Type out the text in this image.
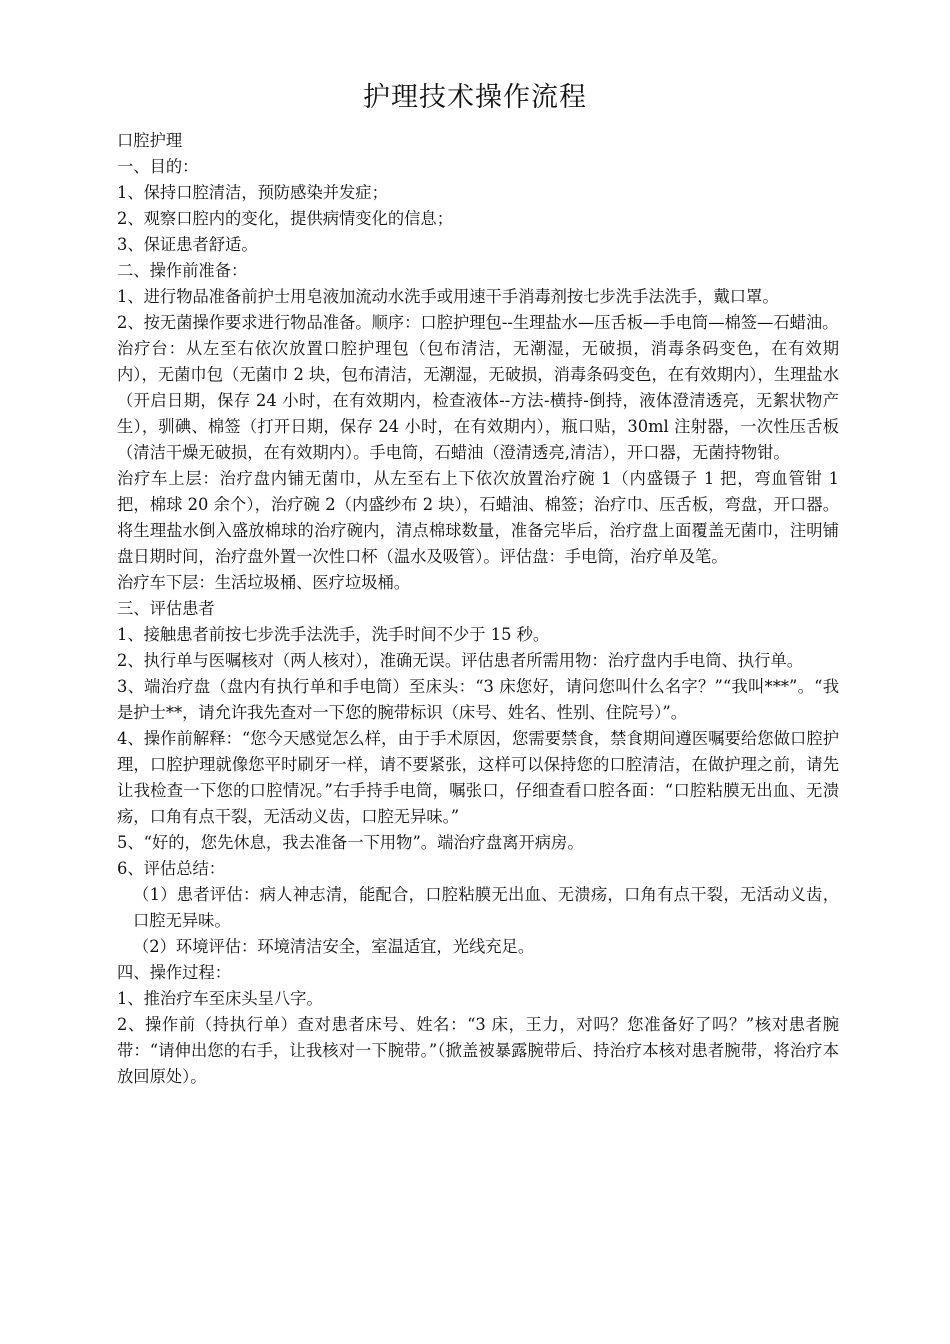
护理技术操作流程

口腔护理

一、目的：

1、保持口腔清洁，预防感染并发症；

2、观察口腔内的变化，提供病情变化的信息；

3、保证患者舒适。

二、操作前准备：

1、进行物品准备前护士用皂液加流动水洗手或用速干手消毒剂按七步洗手法洗手，戴口罩。

2、按无菌操作要求进行物品准备。顺序：口腔护理包--生理盐水—压舌板—手电筒—棉签—石蜡油。

治疗台：从左至右依次放置口腔护理包（包布清洁，无潮湿，无破损，消毒条码变色，在有效期内），无菌巾包（无菌巾 2 块，包布清洁，无潮湿，无破损，消毒条码变色，在有效期内），生理盐水（开启日期，保存 24 小时，在有效期内，检查液体--方法-横持-倒持，液体澄清透亮，无絮状物产生），驯碘、棉签（打开日期，保存 24 小时，在有效期内），瓶口贴，30ml 注射器，一次性压舌板（清洁干燥无破损，在有效期内）。手电筒，石蜡油（澄清透亮,清洁），开口器，无菌持物钳。

治疗车上层：治疗盘内铺无菌巾，从左至右上下依次放置治疗碗 1（内盛镊子 1 把，弯血管钳 1 把，棉球 20 余个），治疗碗 2（内盛纱布 2 块），石蜡油、棉签；治疗巾、压舌板，弯盘，开口器。将生理盐水倒入盛放棉球的治疗碗内，清点棉球数量，准备完毕后，治疗盘上面覆盖无菌巾，注明铺盘日期时间，治疗盘外置一次性口杯（温水及吸管）。评估盘：手电筒，治疗单及笔。

治疗车下层：生活垃圾桶、医疗垃圾桶。

三、评估患者

1、接触患者前按七步洗手法洗手，洗手时间不少于 15 秒。

2、执行单与医嘱核对（两人核对），准确无误。评估患者所需用物：治疗盘内手电筒、执行单。

3、端治疗盘（盘内有执行单和手电筒）至床头：“3 床您好，请问您叫什么名字？”“我叫***”。“我是护士**，请允许我先查对一下您的腕带标识（床号、姓名、性别、住院号）”。

4、操作前解释：“您今天感觉怎么样，由于手术原因，您需要禁食，禁食期间遵医嘱要给您做口腔护理，口腔护理就像您平时刷牙一样，请不要紧张，这样可以保持您的口腔清洁，在做护理之前，请先让我检查一下您的口腔情况。”右手持手电筒，嘱张口，仔细查看口腔各面：“口腔粘膜无出血、无溃疡，口角有点干裂，无活动义齿，口腔无异味。”

5、“好的，您先休息，我去准备一下用物”。端治疗盘离开病房。

6、评估总结：

（1）患者评估：病人神志清，能配合，口腔粘膜无出血、无溃疡，口角有点干裂，无活动义齿，口腔无异味。

（2）环境评估：环境清洁安全，室温适宜，光线充足。

四、操作过程：

1、推治疗车至床头呈八字。

2、操作前（持执行单）查对患者床号、姓名：“3 床，王力，对吗？您准备好了吗？”核对患者腕带：“请伸出您的右手，让我核对一下腕带。”（掀盖被暴露腕带后、持治疗本核对患者腕带，将治疗本放回原处）。
